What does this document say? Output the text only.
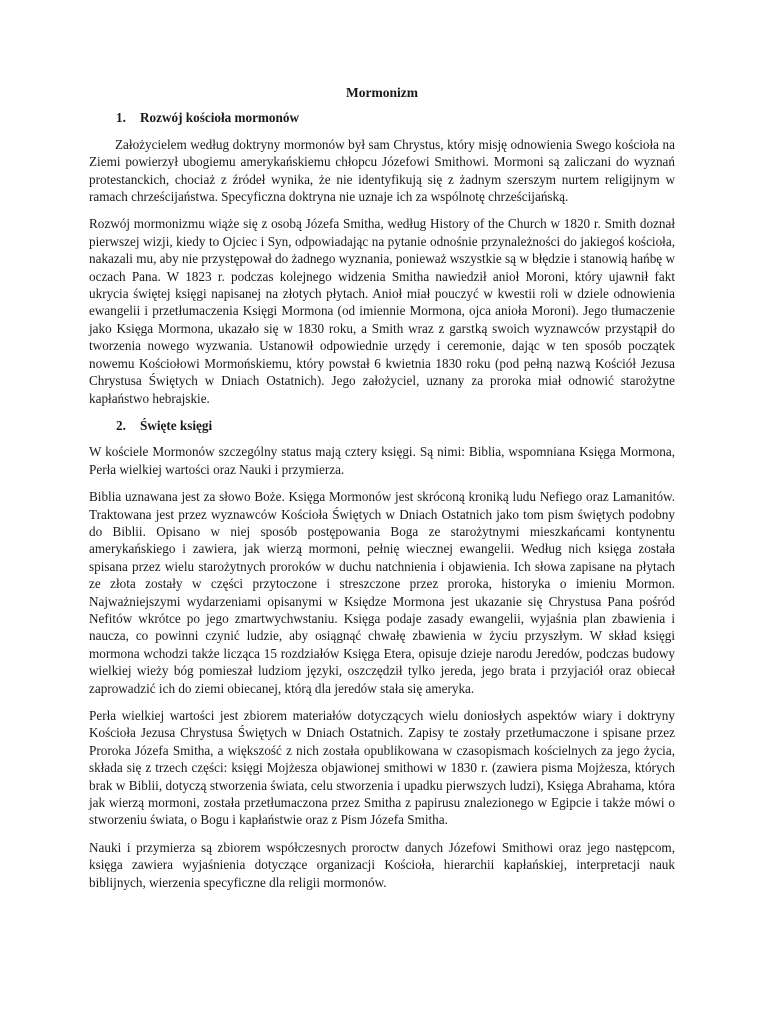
Mormonizm
1.	Rozwój kościoła mormonów

Założycielem według doktryny mormonów był sam Chrystus, który misję odnowienia Swego kościoła na Ziemi powierzył ubogiemu amerykańskiemu chłopcu Józefowi Smithowi. Mormoni są zaliczani do wyznań protestanckich, chociaż z źródeł wynika, że nie identyfikują się z żadnym szerszym nurtem religijnym w ramach chrześcijaństwa. Specyficzna doktryna nie uznaje ich za wspólnotę chrześcijańską.

Rozwój mormonizmu wiąże się z osobą Józefa Smitha, według History of the Church w 1820 r. Smith doznał pierwszej wizji, kiedy to Ojciec i Syn, odpowiadając na pytanie odnośnie przynależności do jakiegoś kościoła, nakazali mu, aby nie przystępował do żadnego wyznania, ponieważ wszystkie są w błędzie i stanowią hańbę w oczach Pana. W 1823 r. podczas kolejnego widzenia Smitha nawiedził anioł Moroni, który ujawnił fakt ukrycia świętej księgi napisanej na złotych płytach. Anioł miał pouczyć w kwestii roli w dziele odnowienia ewangelii i przetłumaczenia Księgi Mormona (od imiennie Mormona, ojca anioła Moroni). Jego tłumaczenie jako Księga Mormona, ukazało się w 1830 roku, a Smith wraz z garstką swoich wyznawców przystąpił do tworzenia nowego wyzwania. Ustanowił odpowiednie urzędy i ceremonie, dając w ten sposób początek nowemu Kościołowi Mormońskiemu, który powstał 6 kwietnia 1830 roku (pod pełną nazwą Kościół Jezusa Chrystusa Świętych w Dniach Ostatnich). Jego założyciel, uznany za proroka miał odnowić starożytne kapłaństwo hebrajskie.

2.	Święte księgi

W kościele Mormonów szczególny status mają cztery księgi. Są nimi: Biblia, wspomniana Księga Mormona, Perła wielkiej wartości oraz Nauki i przymierza.

Biblia uznawana jest za słowo Boże. Księga Mormonów jest skróconą kroniką ludu Nefiego oraz Lamanitów. Traktowana jest przez wyznawców Kościoła Świętych w Dniach Ostatnich jako tom pism świętych podobny do Biblii. Opisano w niej sposób postępowania Boga ze starożytnymi mieszkańcami kontynentu amerykańskiego i zawiera, jak wierzą mormoni, pełnię wiecznej ewangelii. Według nich księga została spisana przez wielu starożytnych proroków w duchu natchnienia i objawienia. Ich słowa zapisane na płytach ze złota zostały w części przytoczone i streszczone przez proroka, historyka o imieniu Mormon. Najważniejszymi wydarzeniami opisanymi w Księdze Mormona jest ukazanie się Chrystusa Pana pośród Nefitów wkrótce po jego zmartwychwstaniu. Księga podaje zasady ewangelii, wyjaśnia plan zbawienia i naucza, co powinni czynić ludzie, aby osiągnąć chwałę zbawienia w życiu przyszłym. W skład księgi mormona wchodzi także licząca 15 rozdziałów Księga Etera, opisuje dzieje narodu Jeredów, podczas budowy wielkiej wieży bóg pomieszał ludziom języki, oszczędził tylko jereda, jego brata i przyjaciół oraz obiecał zaprowadzić ich do ziemi obiecanej, którą dla jeredów stała się ameryka.

Perła wielkiej wartości jest zbiorem materiałów dotyczących wielu doniosłych aspektów wiary i doktryny Kościoła Jezusa Chrystusa Świętych w Dniach Ostatnich. Zapisy te zostały przetłumaczone i spisane przez Proroka Józefa Smitha, a większość z nich została opublikowana w czasopismach kościelnych za jego życia, składa się z trzech części: księgi Mojżesza objawionej smithowi w 1830 r. (zawiera pisma Mojżesza, których brak w Biblii, dotyczą stworzenia świata, celu stworzenia i upadku pierwszych ludzi), Księga Abrahama, która jak wierzą mormoni, została przetłumaczona przez Smitha z papirusu znalezionego w Egipcie i także mówi o stworzeniu świata, o Bogu i kapłaństwie oraz z Pism Józefa Smitha.

Nauki i przymierza są zbiorem współczesnych proroctw danych Józefowi Smithowi oraz jego następcom, księga zawiera wyjaśnienia dotyczące organizacji Kościoła, hierarchii kapłańskiej, interpretacji nauk biblijnych, wierzenia specyficzne dla religii mormonów.
